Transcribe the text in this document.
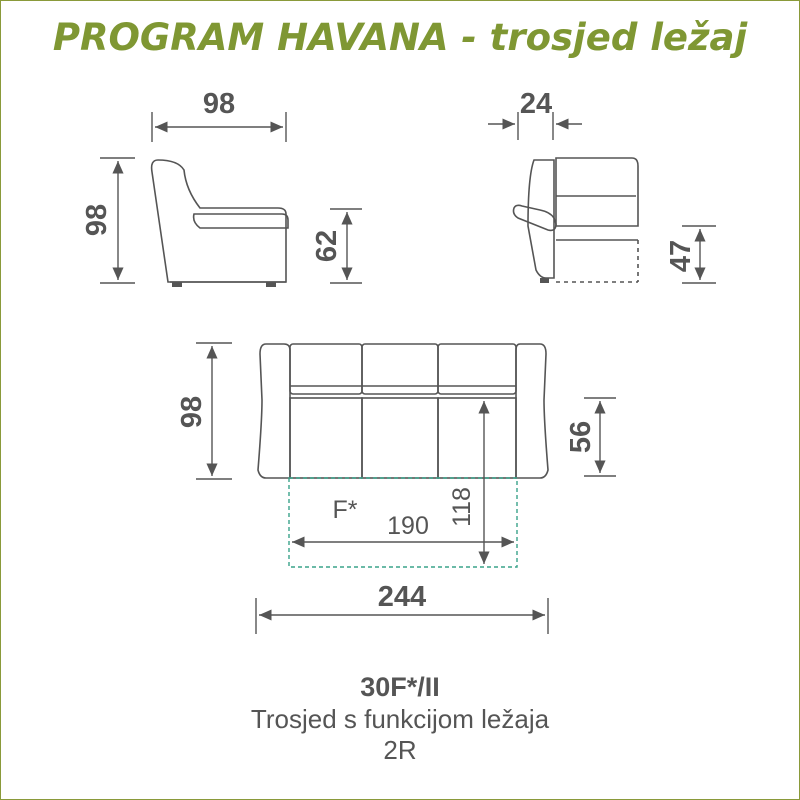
PROGRAM HAVANA - trosjed ležaj
98
98
62
24
47
98
56
118
190
F*
244
30F*/II
Trosjed s funkcijom ležaja
2R
